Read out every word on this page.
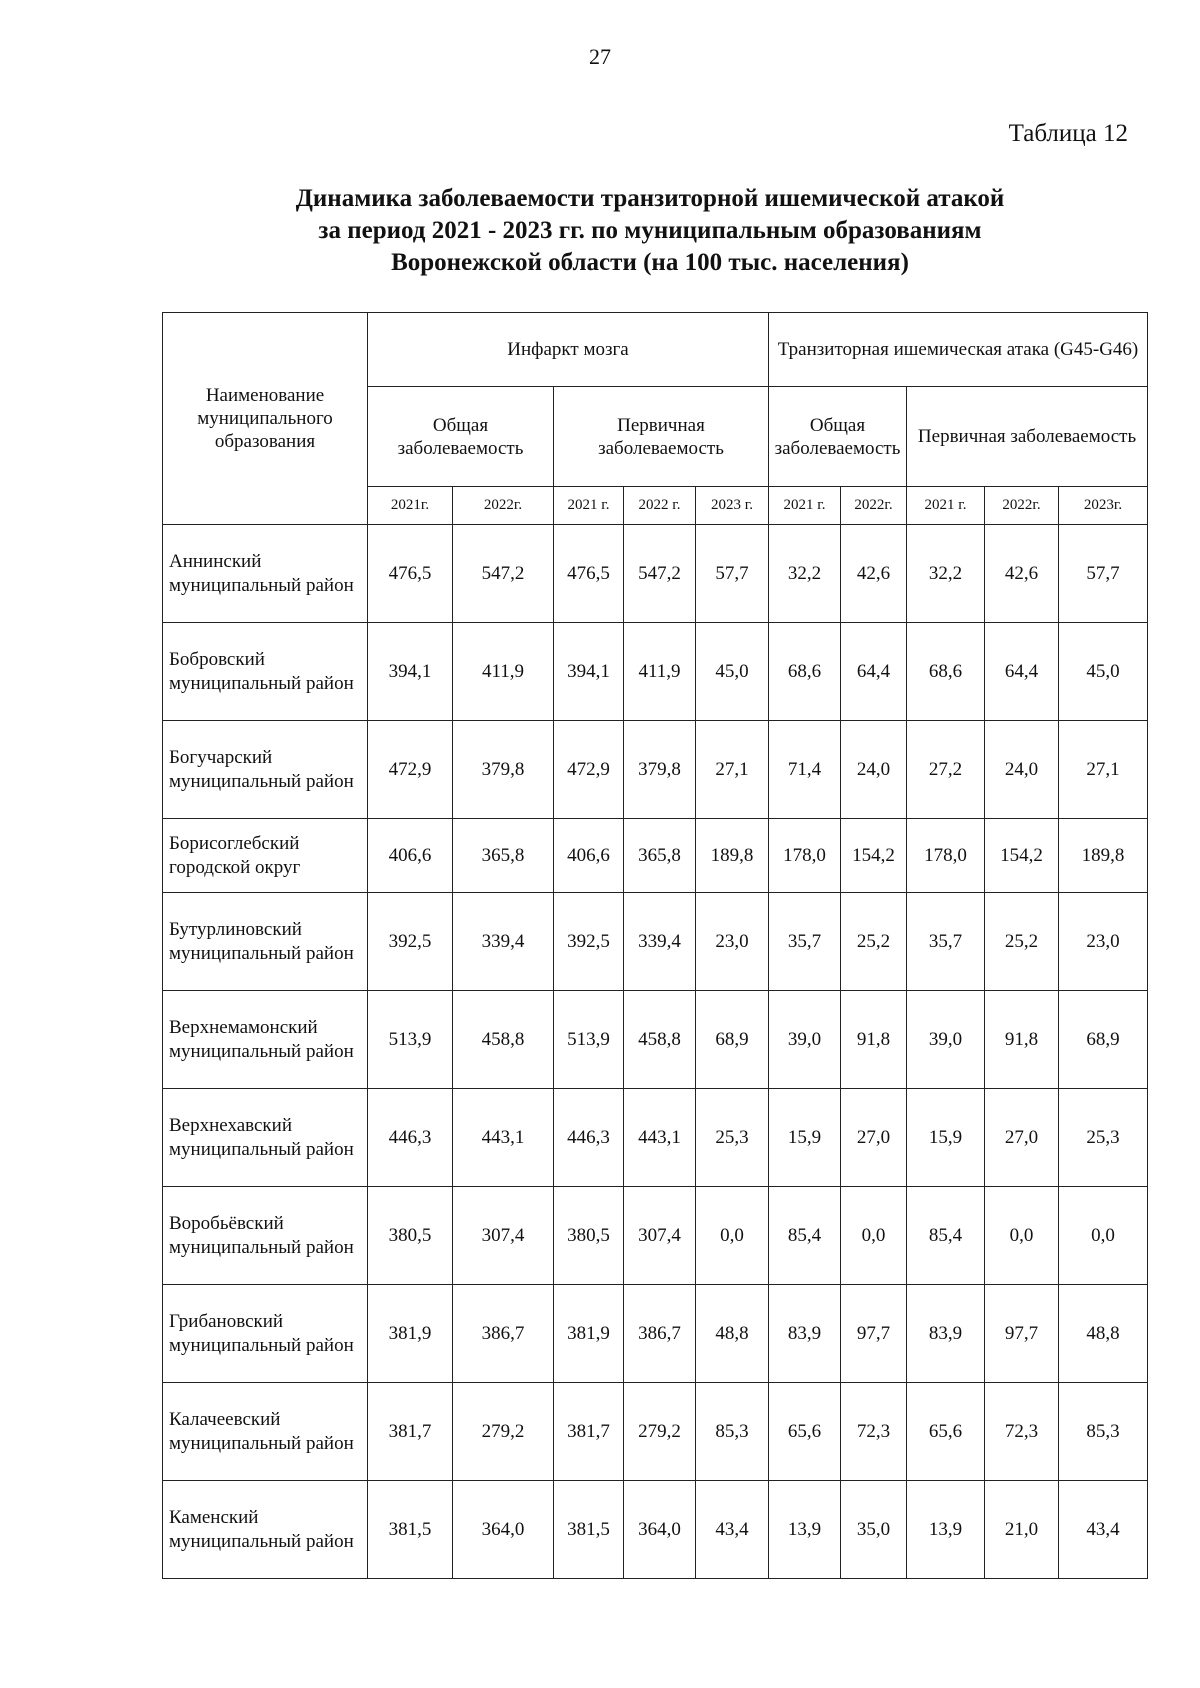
27
Таблица 12
Динамика заболеваемости транзиторной ишемической атакой
за период 2021 - 2023 гг. по муниципальным образованиям
Воронежской области (на 100 тыс. населения)
Наименование муниципального образования	Инфаркт мозга					Транзиторная ишемическая атака (G45-G46)				
	Общая заболеваемость		Первичная заболеваемость			Общая заболеваемость		Первичная заболеваемость		
	2021г.	2022г.	2021 г.	2022 г.	2023 г.	2021 г.	2022г.	2021 г.	2022г.	2023г.
Аннинский муниципальный район	476,5	547,2	476,5	547,2	57,7	32,2	42,6	32,2	42,6	57,7
Бобровский муниципальный район	394,1	411,9	394,1	411,9	45,0	68,6	64,4	68,6	64,4	45,0
Богучарский муниципальный район	472,9	379,8	472,9	379,8	27,1	71,4	24,0	27,2	24,0	27,1
Борисоглебский городской округ	406,6	365,8	406,6	365,8	189,8	178,0	154,2	178,0	154,2	189,8
Бутурлиновский муниципальный район	392,5	339,4	392,5	339,4	23,0	35,7	25,2	35,7	25,2	23,0
Верхнемамонский муниципальный район	513,9	458,8	513,9	458,8	68,9	39,0	91,8	39,0	91,8	68,9
Верхнехавский муниципальный район	446,3	443,1	446,3	443,1	25,3	15,9	27,0	15,9	27,0	25,3
Воробьёвский муниципальный район	380,5	307,4	380,5	307,4	0,0	85,4	0,0	85,4	0,0	0,0
Грибановский муниципальный район	381,9	386,7	381,9	386,7	48,8	83,9	97,7	83,9	97,7	48,8
Калачеевский муниципальный район	381,7	279,2	381,7	279,2	85,3	65,6	72,3	65,6	72,3	85,3
Каменский муниципальный район	381,5	364,0	381,5	364,0	43,4	13,9	35,0	13,9	21,0	43,4
